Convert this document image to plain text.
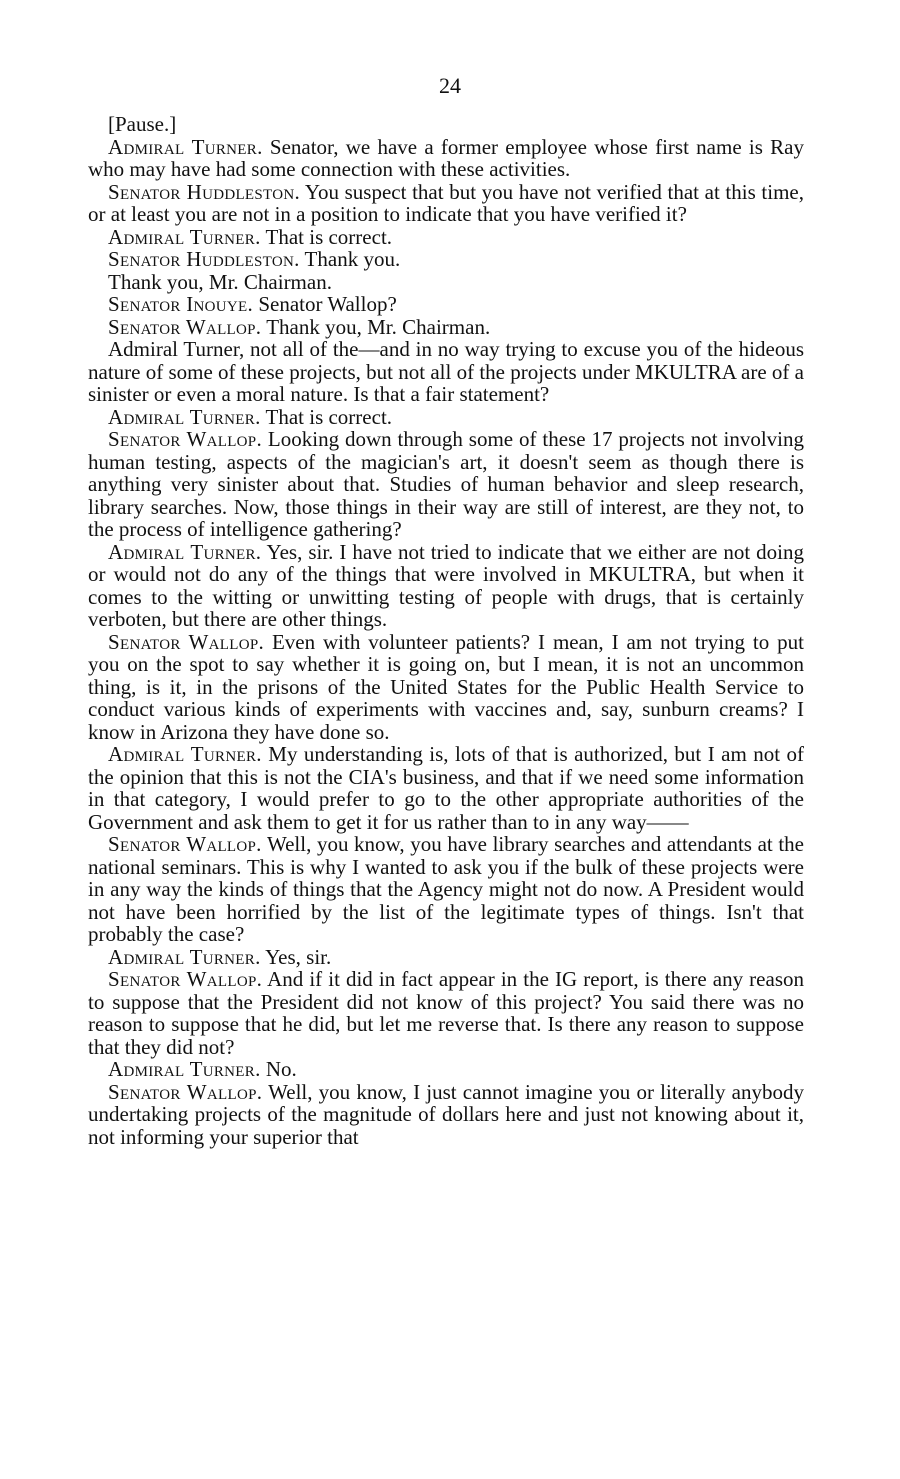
24

[Pause.]

Admiral Turner. Senator, we have a former employee whose first name is Ray who may have had some connection with these activities.

Senator Huddleston. You suspect that but you have not verified that at this time, or at least you are not in a position to indicate that you have verified it?

Admiral Turner. That is correct.

Senator Huddleston. Thank you.

Thank you, Mr. Chairman.

Senator Inouye. Senator Wallop?

Senator Wallop. Thank you, Mr. Chairman.

Admiral Turner, not all of the—and in no way trying to excuse you of the hideous nature of some of these projects, but not all of the projects under MKULTRA are of a sinister or even a moral nature. Is that a fair statement?

Admiral Turner. That is correct.

Senator Wallop. Looking down through some of these 17 projects not involving human testing, aspects of the magician's art, it doesn't seem as though there is anything very sinister about that. Studies of human behavior and sleep research, library searches. Now, those things in their way are still of interest, are they not, to the process of intelligence gathering?

Admiral Turner. Yes, sir. I have not tried to indicate that we either are not doing or would not do any of the things that were involved in MKULTRA, but when it comes to the witting or unwitting testing of people with drugs, that is certainly verboten, but there are other things.

Senator Wallop. Even with volunteer patients? I mean, I am not trying to put you on the spot to say whether it is going on, but I mean, it is not an uncommon thing, is it, in the prisons of the United States for the Public Health Service to conduct various kinds of experiments with vaccines and, say, sunburn creams? I know in Arizona they have done so.

Admiral Turner. My understanding is, lots of that is authorized, but I am not of the opinion that this is not the CIA's business, and that if we need some information in that category, I would prefer to go to the other appropriate authorities of the Government and ask them to get it for us rather than to in any way——

Senator Wallop. Well, you know, you have library searches and attendants at the national seminars. This is why I wanted to ask you if the bulk of these projects were in any way the kinds of things that the Agency might not do now. A President would not have been horrified by the list of the legitimate types of things. Isn't that probably the case?

Admiral Turner. Yes, sir.

Senator Wallop. And if it did in fact appear in the IG report, is there any reason to suppose that the President did not know of this project? You said there was no reason to suppose that he did, but let me reverse that. Is there any reason to suppose that they did not?

Admiral Turner. No.

Senator Wallop. Well, you know, I just cannot imagine you or literally anybody undertaking projects of the magnitude of dollars here and just not knowing about it, not informing your superior that
